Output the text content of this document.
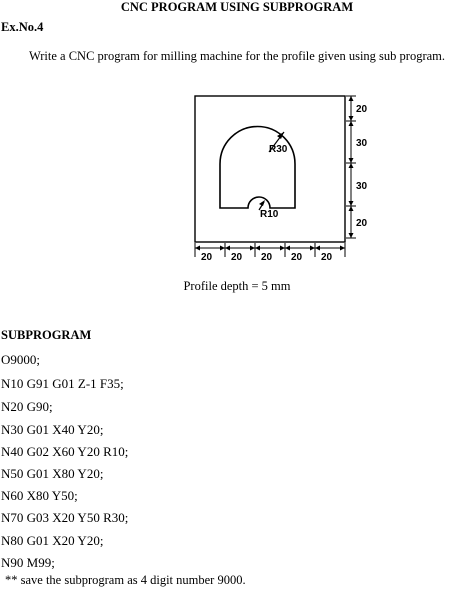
CNC PROGRAM USING SUBPROGRAM
Ex.No.4
Write a CNC program for milling machine for the profile given using sub program.
R30
R10
20 20 20 20 20
20
30
30
20
Profile depth = 5 mm
SUBPROGRAM
O9000;
N10 G91 G01 Z-1 F35;
N20 G90;
N30 G01 X40 Y20;
N40 G02 X60 Y20 R10;
N50 G01 X80 Y20;
N60 X80 Y50;
N70 G03 X20 Y50 R30;
N80 G01 X20 Y20;
N90 M99;
** save the subprogram as 4 digit number 9000.
